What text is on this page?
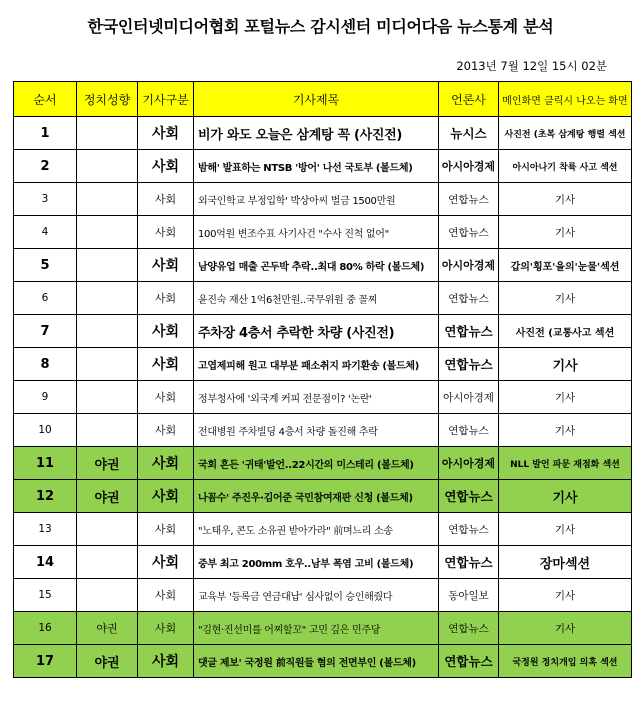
한국인터넷미디어협회 포털뉴스 감시센터 미디어다음 뉴스통계 분석
2013년 7월 12일 15시 02분
순서	정치성향	기사구분	기사제목	언론사	메인화면 클릭시 나오는 화면
1		사회	비가 와도 오늘은 삼계탕 꼭 (사진전)	뉴시스	사진전 (초복 삼계탕 행렬 섹션
2		사회	밤해' 발표하는 NTSB '방어' 나선 국토부 (볼드체)	아시아경제	아시아나기 착륙 사고 섹션
3		사회	외국인학교 부정입학' 박상아씨 벌금 1500만원	연합뉴스	기사
4		사회	100억원 변조수표 사기사건 "수사 진척 없어"	연합뉴스	기사
5		사회	남양유업 매출 곤두박 추락..최대 80% 하락 (볼드체)	아시아경제	갑의'횡포'을의'눈물'섹션
6		사회	윤진숙 재산 1억6천만원..국무위원 중 꼴찌	연합뉴스	기사
7		사회	주차장 4층서 추락한 차량 (사진전)	연합뉴스	사진전 (교통사고 섹션
8		사회	고엽제피해 원고 대부분 패소취지 파기환송 (볼드체)	연합뉴스	기사
9		사회	정부청사에 '외국계 커피 전문점이? '논란'	아시아경제	기사
10		사회	전대병원 주차빌딩 4층서 차량 돌진해 추락	연합뉴스	기사
11	야권	사회	국회 흔든 '귀태'발언..22시간의 미스테리 (볼드체)	아시아경제	NLL 발언 파문 재점화 섹션
12	야권	사회	나꼼수' 주진우·김어준 국민참여재판 신청 (볼드체)	연합뉴스	기사
13		사회	"노태우, 콘도 소유권 받아가라" 前며느리 소송	연합뉴스	기사
14		사회	중부 최고 200mm 호우..남부 폭염 고비 (볼드체)	연합뉴스	장마섹션
15		사회	교육부 '등록금 연금대납' 심사없이 승인해줬다	동아일보	기사
16	야권	사회	"김현·진선미를 어찌할꼬" 고민 깊은 민주당	연합뉴스	기사
17	야권	사회	댓글 제보' 국정원 前직원들 혐의 전면부인 (볼드체)	연합뉴스	국정원 정치개입 의혹 섹션
